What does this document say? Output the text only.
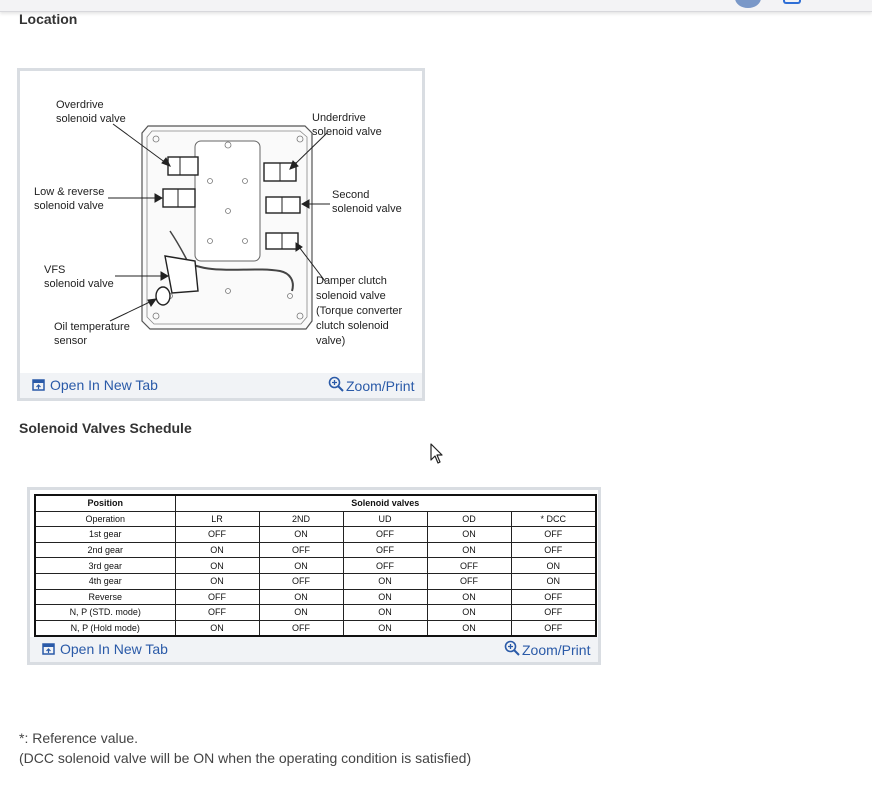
Location
Overdrive
solenoid valve
Low & reverse
solenoid valve
VFS
solenoid valve
Oil temperature
sensor
Underdrive
solenoid valve
Second
solenoid valve
Damper clutch
solenoid valve
(Torque converter
clutch solenoid
valve)
Open In New Tab	Zoom/Print
Solenoid Valves Schedule
Position	Solenoid valves				
Operation	LR	2ND	UD	OD	* DCC
1st gear	OFF	ON	OFF	ON	OFF
2nd gear	ON	OFF	OFF	ON	OFF
3rd gear	ON	ON	OFF	OFF	ON
4th gear	ON	OFF	ON	OFF	ON
Reverse	OFF	ON	ON	ON	OFF
N, P (STD. mode)	OFF	ON	ON	ON	OFF
N, P (Hold mode)	ON	OFF	ON	ON	OFF
Open In New Tab	Zoom/Print
*: Reference value.
(DCC solenoid valve will be ON when the operating condition is satisfied)
